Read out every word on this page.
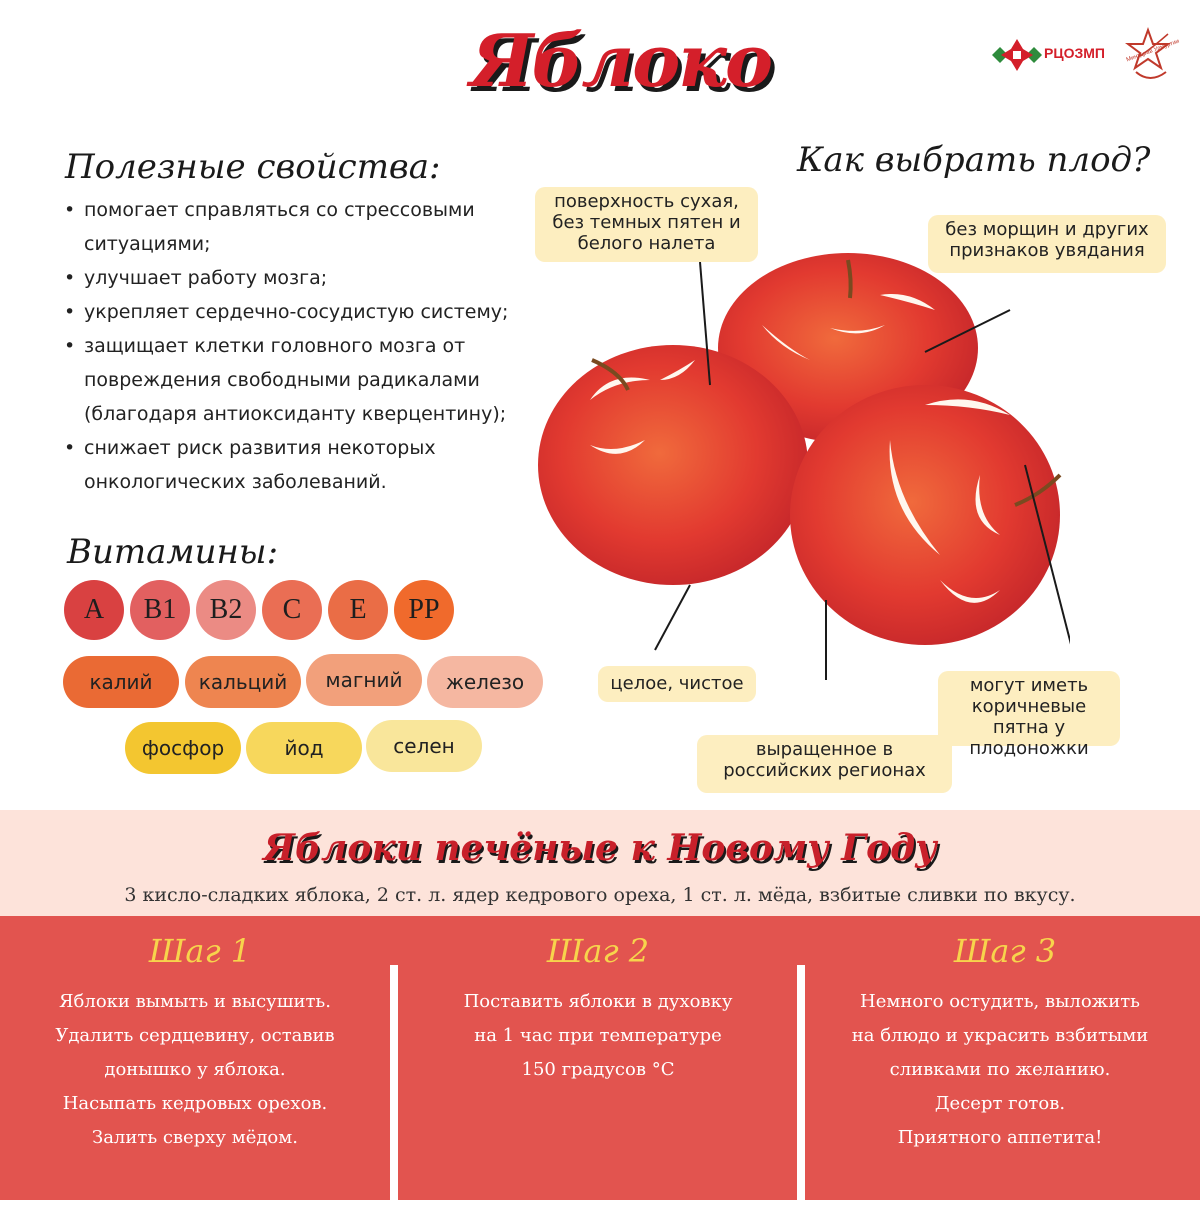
Яблоко	РЦОЗМП	Минздрав Удмуртии
Полезные свойства:
• помогает справляться со стрессовыми ситуациями;
• улучшает работу мозга;
• укрепляет сердечно-сосудистую систему;
• защищает клетки головного мозга от повреждения свободными радикалами (благодаря антиоксиданту кверцентину);
• снижает риск развития некоторых онкологических заболеваний.
Витамины:
A	B1	B2	C	E	PP
калий	кальций	магний	железо
фосфор	йод	селен
Как выбрать плод?
поверхность сухая, без темных пятен и белого налета
без морщин и других признаков увядания
целое, чистое
выращенное в российских регионах
могут иметь коричневые пятна у плодоножки
Яблоки печёные к Новому Году
3 кисло-сладких яблока, 2 ст. л. ядер кедрового ореха, 1 ст. л. мёда, взбитые сливки по вкусу.
Шаг 1
Яблоки вымыть и высушить.
Удалить сердцевину, оставив
донышко у яблока.
Насыпать кедровых орехов.
Залить сверху мёдом.
Шаг 2
Поставить яблоки в духовку
на 1 час при температуре
150 градусов °C
Шаг 3
Немного остудить, выложить
на блюдо и украсить взбитыми
сливками по желанию.
Десерт готов.
Приятного аппетита!
